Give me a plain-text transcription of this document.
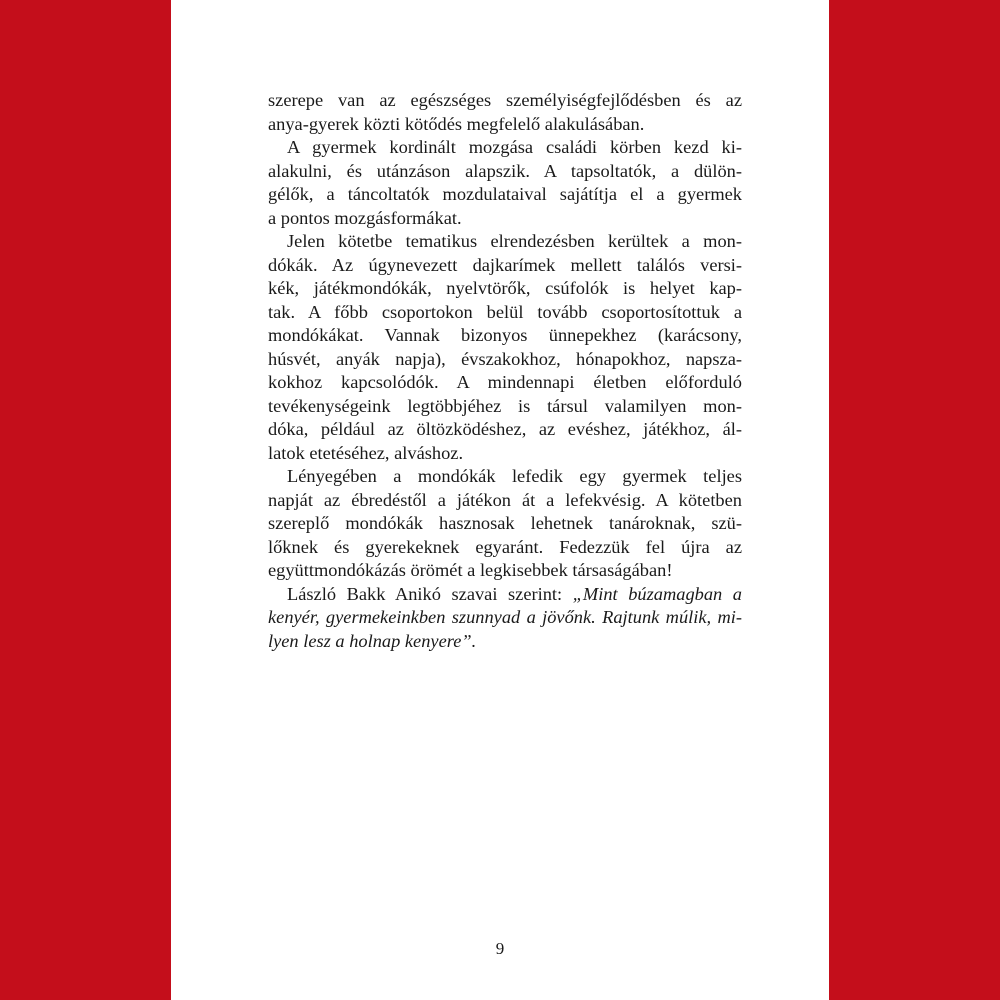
szerepe van az egészséges személyiségfejlődésben és az
anya-gyerek közti kötődés megfelelő alakulásában.
A gyermek kordinált mozgása családi körben kezd ki-
alakulni, és utánzáson alapszik. A tapsoltatók, a dülön-
gélők, a táncoltatók mozdulataival sajátítja el a gyermek
a pontos mozgásformákat.
Jelen kötetbe tematikus elrendezésben kerültek a mon-
dókák. Az úgynevezett dajkarímek mellett találós versi-
kék, játékmondókák, nyelvtörők, csúfolók is helyet kap-
tak. A főbb csoportokon belül tovább csoportosítottuk a
mondókákat. Vannak bizonyos ünnepekhez (karácsony,
húsvét, anyák napja), évszakokhoz, hónapokhoz, napsza-
kokhoz kapcsolódók. A mindennapi életben előforduló
tevékenységeink legtöbbjéhez is társul valamilyen mon-
dóka, például az öltözködéshez, az evéshez, játékhoz, ál-
latok etetéséhez, alváshoz.
Lényegében a mondókák lefedik egy gyermek teljes
napját az ébredéstől a játékon át a lefekvésig. A kötetben
szereplő mondókák hasznosak lehetnek tanároknak, szü-
lőknek és gyerekeknek egyaránt. Fedezzük fel újra az
együttmondókázás örömét a legkisebbek társaságában!
László Bakk Anikó szavai szerint: „Mint búzamagban a
kenyér, gyermekeinkben szunnyad a jövőnk. Rajtunk múlik, mi-
lyen lesz a holnap kenyere”.
9
